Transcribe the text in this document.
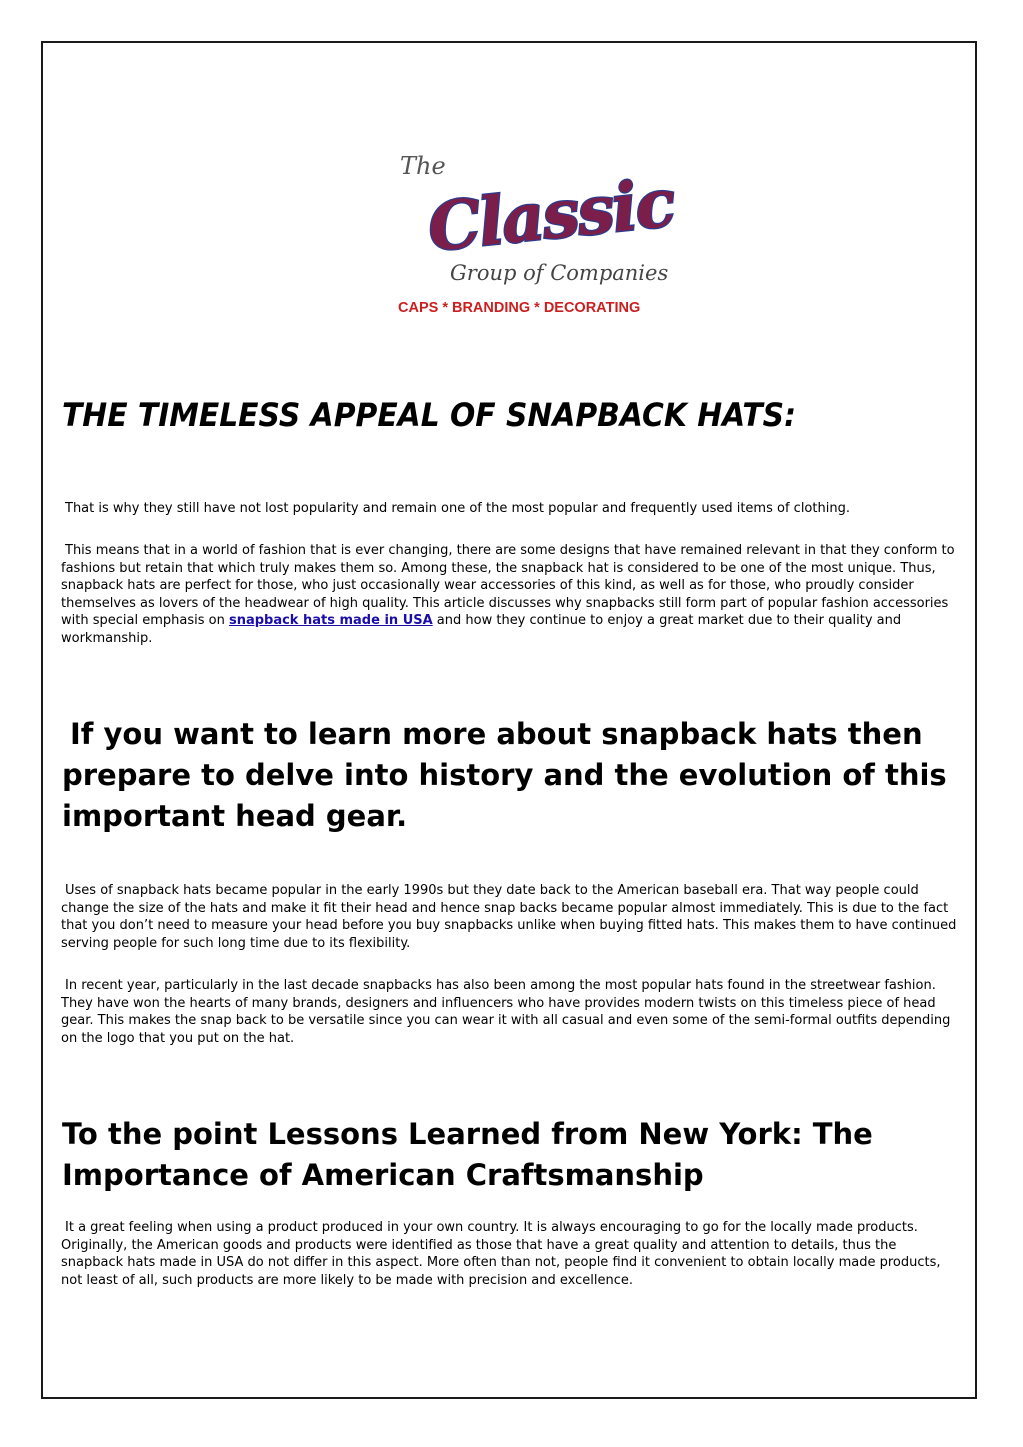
The
Classic
Group of Companies
CAPS * BRANDING * DECORATING
THE TIMELESS APPEAL OF SNAPBACK HATS:

That is why they still have not lost popularity and remain one of the most popular and frequently used items of clothing.

This means that in a world of fashion that is ever changing, there are some designs that have remained relevant in that they conform to fashions but retain that which truly makes them so. Among these, the snapback hat is considered to be one of the most unique. Thus, snapback hats are perfect for those, who just occasionally wear accessories of this kind, as well as for those, who proudly consider themselves as lovers of the headwear of high quality. This article discusses why snapbacks still form part of popular fashion accessories with special emphasis on snapback hats made in USA and how they continue to enjoy a great market due to their quality and workmanship.

If you want to learn more about snapback hats then prepare to delve into history and the evolution of this important head gear.

Uses of snapback hats became popular in the early 1990s but they date back to the American baseball era. That way people could change the size of the hats and make it fit their head and hence snap backs became popular almost immediately. This is due to the fact that you don’t need to measure your head before you buy snapbacks unlike when buying fitted hats. This makes them to have continued serving people for such long time due to its flexibility.

In recent year, particularly in the last decade snapbacks has also been among the most popular hats found in the streetwear fashion. They have won the hearts of many brands, designers and influencers who have provides modern twists on this timeless piece of head gear. This makes the snap back to be versatile since you can wear it with all casual and even some of the semi-formal outfits depending on the logo that you put on the hat.

To the point Lessons Learned from New York: The Importance of American Craftsmanship

It a great feeling when using a product produced in your own country. It is always encouraging to go for the locally made products. Originally, the American goods and products were identified as those that have a great quality and attention to details, thus the snapback hats made in USA do not differ in this aspect. More often than not, people find it convenient to obtain locally made products, not least of all, such products are more likely to be made with precision and excellence.
